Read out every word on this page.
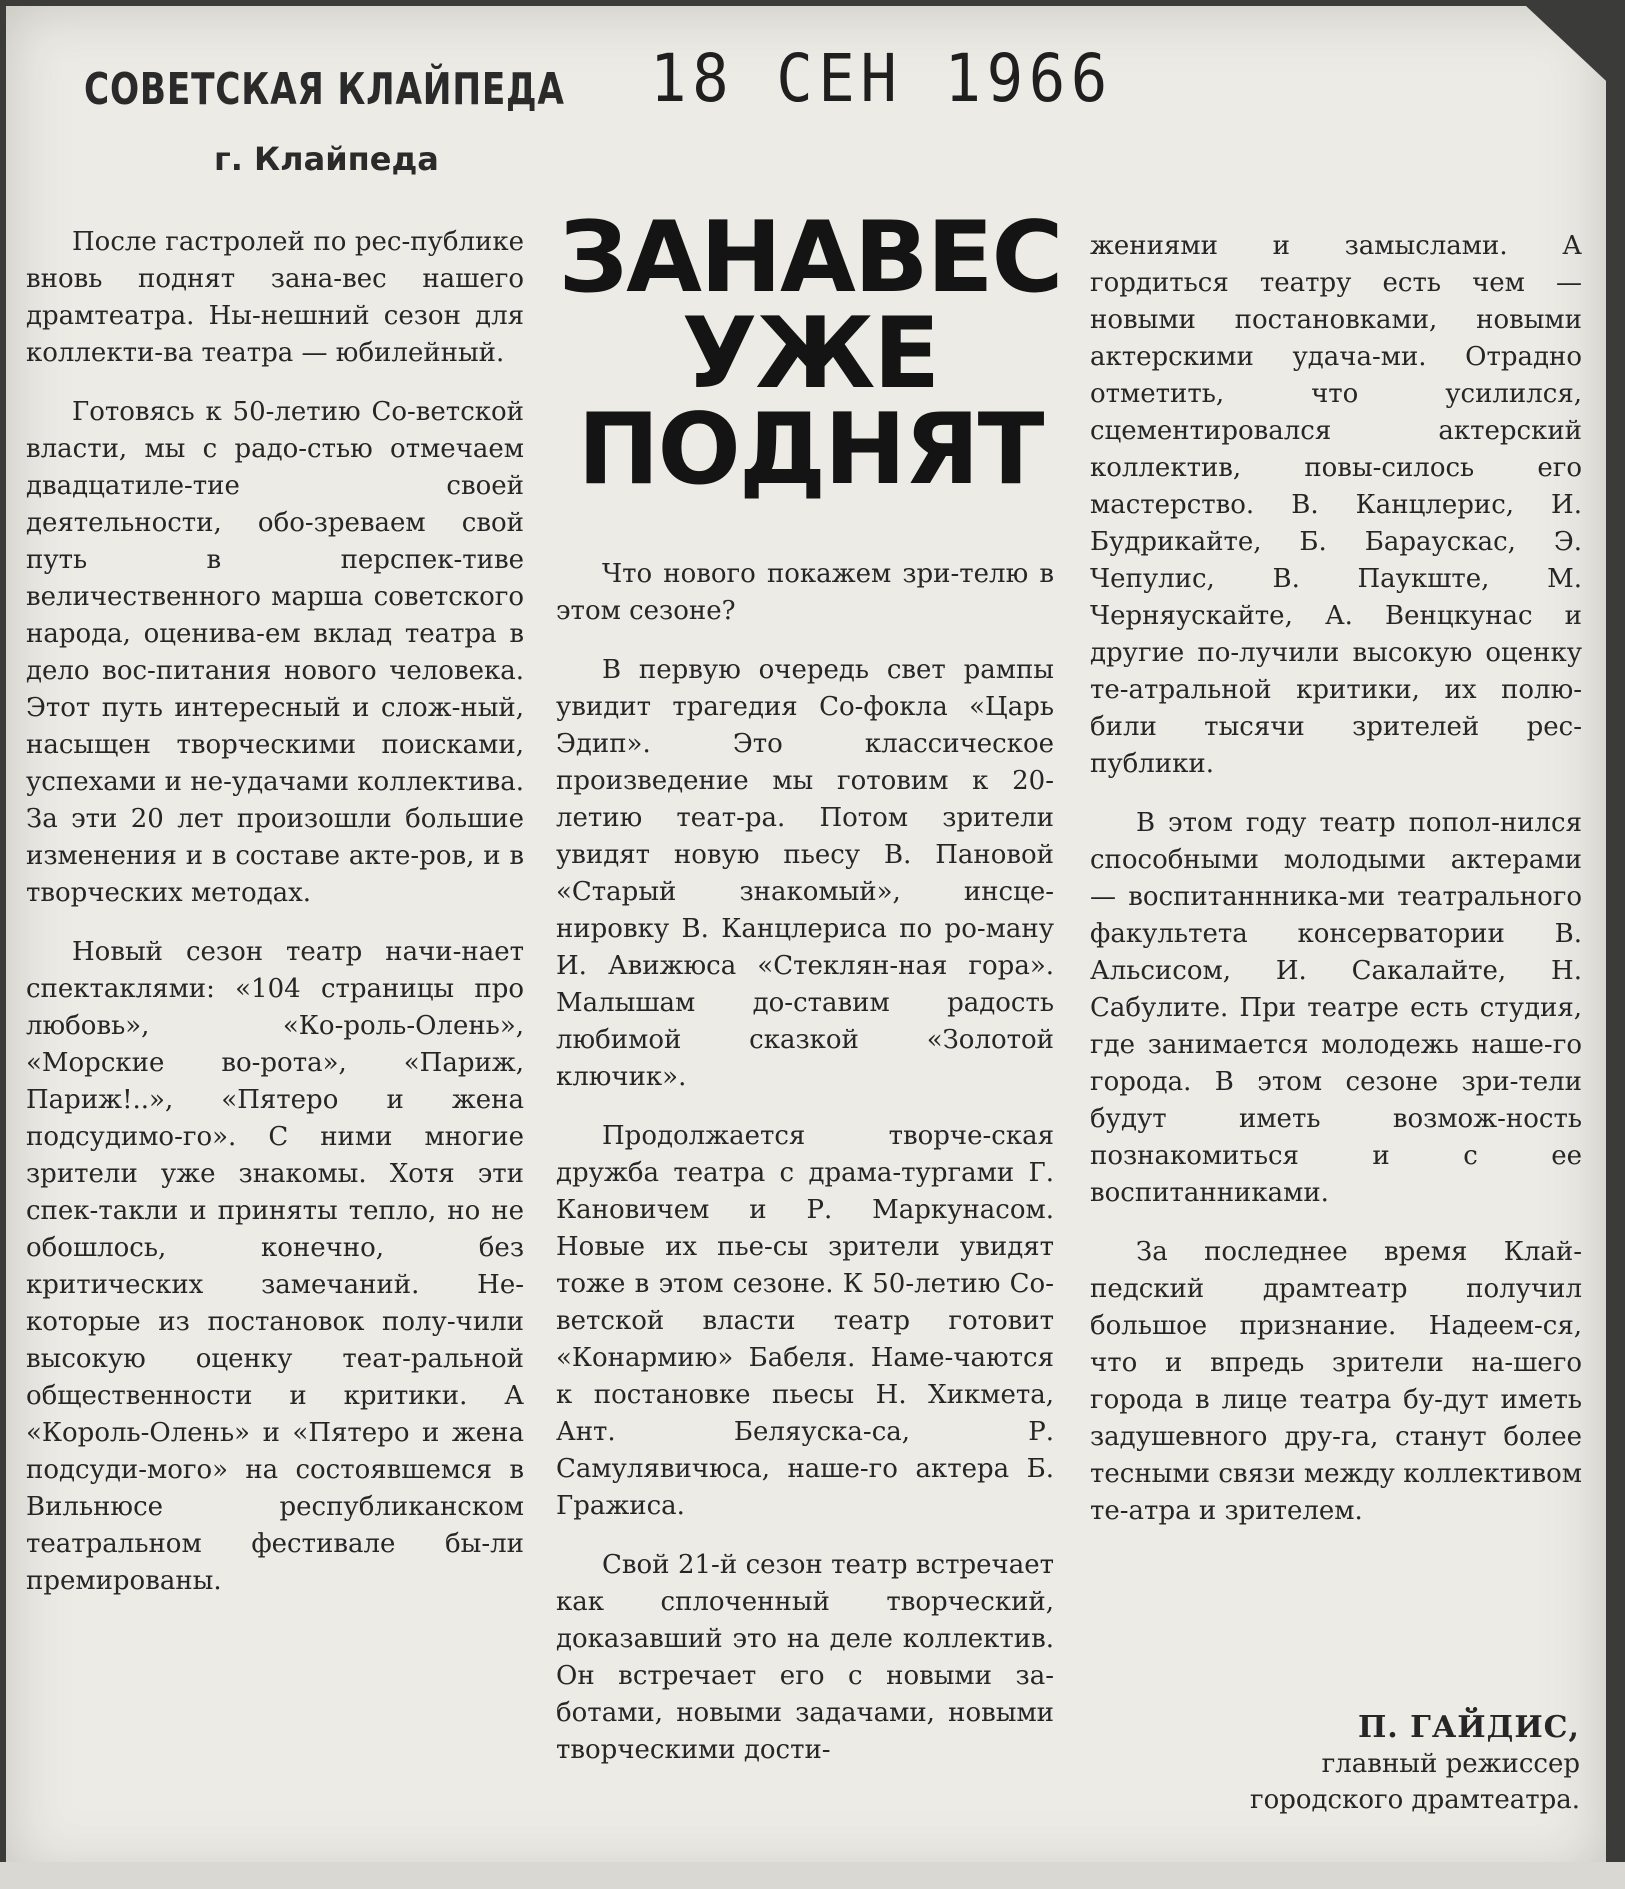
СОВЕТСКАЯ КЛАЙПЕДА 18 СЕН 1966
г. Клайпеда
ЗАНАВЕС
УЖЕ
ПОДНЯТ

После гастролей по рес-публике вновь поднят зана-вес нашего драмтеатра. Ны-нешний сезон для коллекти-ва театра — юбилейный.

Готовясь к 50-летию Со-ветской власти, мы с радо-стью отмечаем двадцатиле-тие своей деятельности, обо-зреваем свой путь в перспек-тиве величественного марша советского народа, оценива-ем вклад театра в дело вос-питания нового человека. Этот путь интересный и слож-ный, насыщен творческими поисками, успехами и не-удачами коллектива. За эти 20 лет произошли большие изменения и в составе акте-ров, и в творческих методах.

Новый сезон театр начи-нает спектаклями: «104 страницы про любовь», «Ко-роль-Олень», «Морские во-рота», «Париж, Париж!..», «Пятеро и жена подсудимо-го». С ними многие зрители уже знакомы. Хотя эти спек-такли и приняты тепло, но не обошлось, конечно, без критических замечаний. Не-которые из постановок полу-чили высокую оценку теат-ральной общественности и критики. А «Король-Олень» и «Пятеро и жена подсуди-мого» на состоявшемся в Вильнюсе республиканском театральном фестивале бы-ли премированы.

Что нового покажем зри-телю в этом сезоне?

В первую очередь свет рампы увидит трагедия Со-фокла «Царь Эдип». Это классическое произведение мы готовим к 20-летию теат-ра. Потом зрители увидят новую пьесу В. Пановой «Старый знакомый», инсце-нировку В. Канцлериса по ро-ману И. Авижюса «Стеклян-ная гора». Малышам до-ставим радость любимой сказкой «Золотой ключик».

Продолжается творче-ская дружба театра с драма-тургами Г. Кановичем и Р. Маркунасом. Новые их пье-сы зрители увидят тоже в этом сезоне. К 50-летию Со-ветской власти театр готовит «Конармию» Бабеля. Наме-чаются к постановке пьесы Н. Хикмета, Ант. Беляуска-са, Р. Самулявичюса, наше-го актера Б. Гражиса.

Свой 21-й сезон театр встречает как сплоченный творческий, доказавший это на деле коллектив. Он встречает его с новыми за-ботами, новыми задачами, новыми творческими дости-

жениями и замыслами. А гордиться театру есть чем — новыми постановками, новыми актерскими удача-ми. Отрадно отметить, что усилился, сцементировался актерский коллектив, повы-силось его мастерство. В. Канцлерис, И. Будрикайте, Б. Бараускас, Э. Чепулис, В. Паукште, М. Черняускайте, А. Венцкунас и другие по-лучили высокую оценку те-атральной критики, их полю-били тысячи зрителей рес-публики.

В этом году театр попол-нился способными молодыми актерами — воспитаннника-ми театрального факультета консерватории В. Альсисом, И. Сакалайте, Н. Сабулите. При театре есть студия, где занимается молодежь наше-го города. В этом сезоне зри-тели будут иметь возмож-ность познакомиться и с ее воспитанниками.

За последнее время Клай-педский драмтеатр получил большое признание. Надеем-ся, что и впредь зрители на-шего города в лице театра бу-дут иметь задушевного дру-га, станут более тесными связи между коллективом те-атра и зрителем.

П. ГАЙДИС,
главный режиссер
городского драмтеатра.
